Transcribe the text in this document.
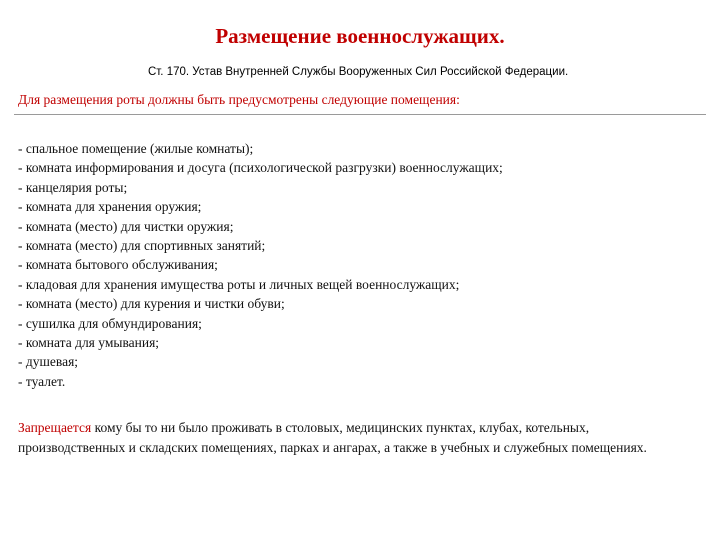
Размещение военнослужащих.

Ст. 170. Устав Внутренней Службы Вооруженных Сил Российской Федерации.

Для размещения роты должны быть предусмотрены следующие помещения:

- спальное помещение (жилые комнаты);
- комната информирования и досуга (психологической разгрузки) военнослужащих;
- канцелярия роты;
- комната для хранения оружия;
- комната (место) для чистки оружия;
- комната (место) для спортивных занятий;
- комната бытового обслуживания;
- кладовая для хранения имущества роты и личных вещей военнослужащих;
- комната (место) для курения и чистки обуви;
- сушилка для обмундирования;
- комната для умывания;
- душевая;
- туалет.

Запрещается кому бы то ни было проживать в столовых, медицинских пунктах, клубах, котельных, производственных и складских помещениях, парках и ангарах, а также в учебных и служебных помещениях.
